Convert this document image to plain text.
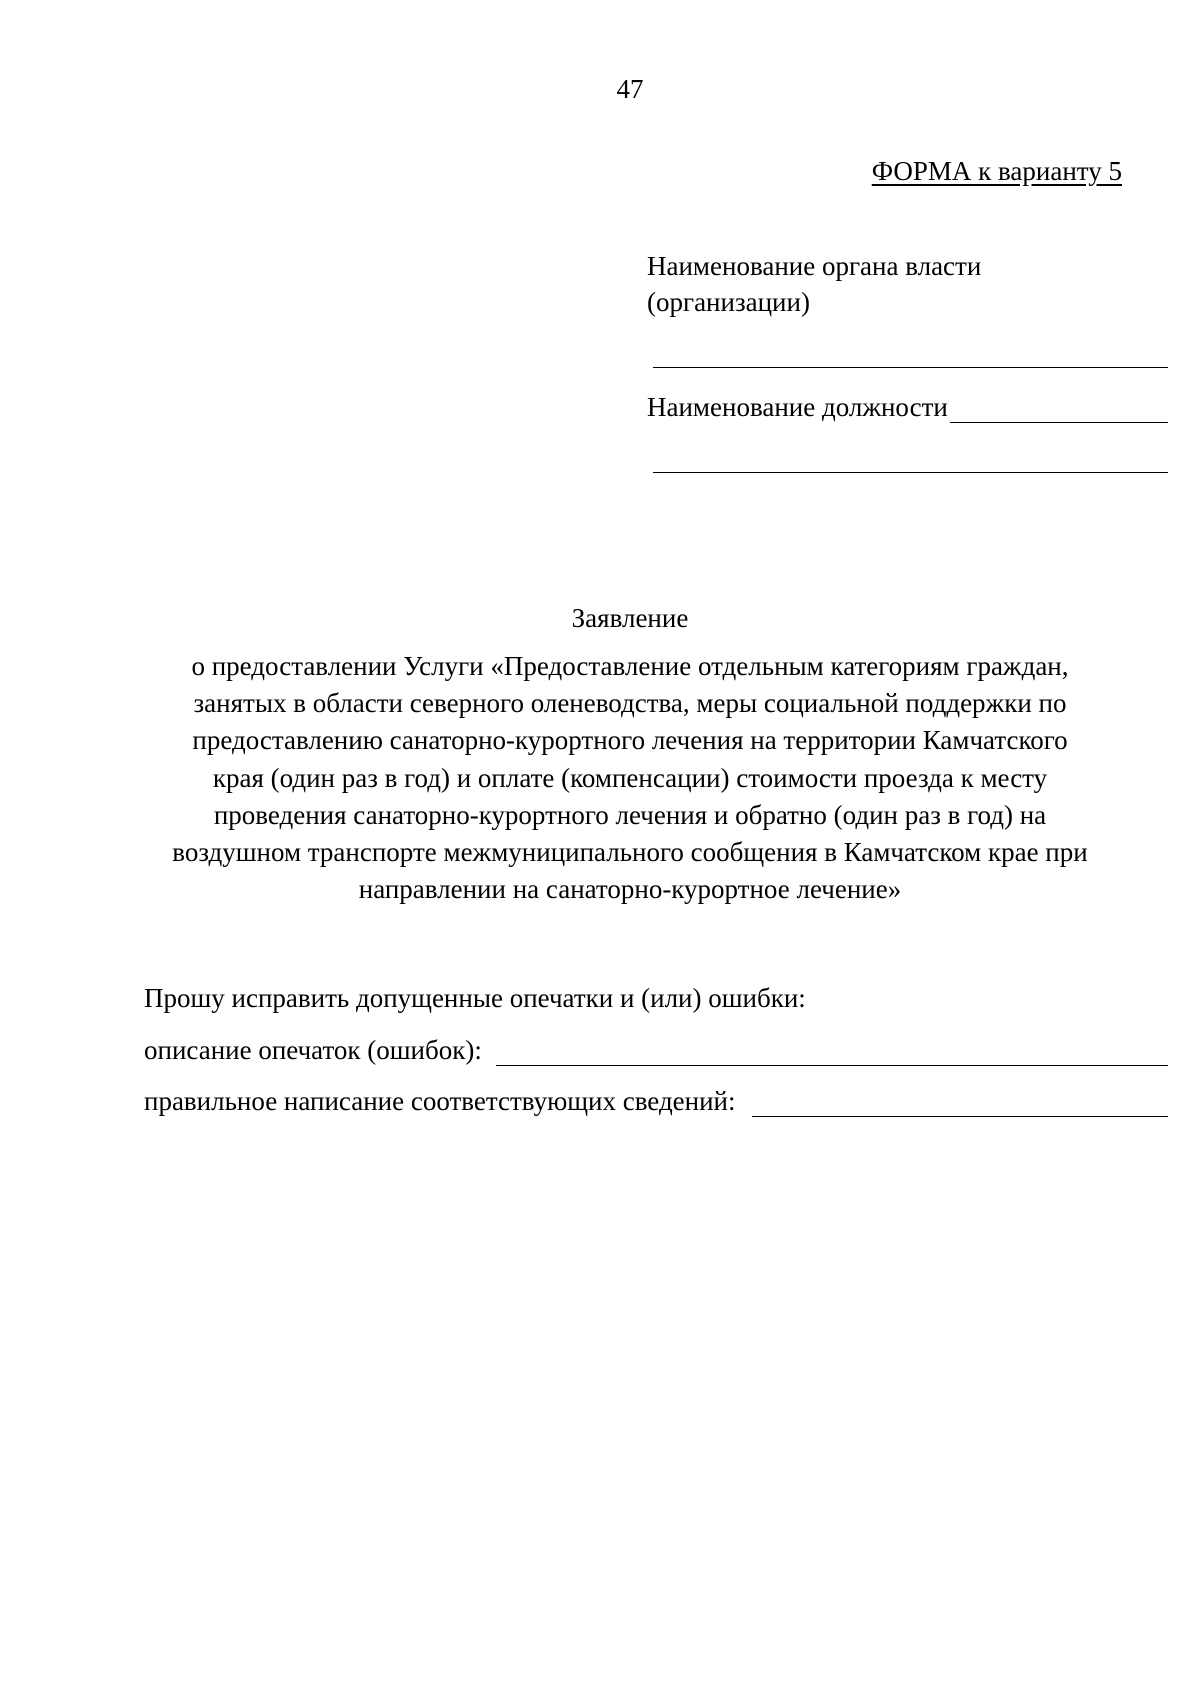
47
ФОРМА к варианту 5
Наименование органа власти
(организации)
Наименование должности
Заявление
о предоставлении Услуги «Предоставление отдельным категориям граждан,
занятых в области северного оленеводства, меры социальной поддержки по
предоставлению санаторно-курортного лечения на территории Камчатского
края (один раз в год) и оплате (компенсации) стоимости проезда к месту
проведения санаторно-курортного лечения и обратно (один раз в год) на
воздушном транспорте межмуниципального сообщения в Камчатском крае при
направлении на санаторно-курортное лечение»
Прошу исправить допущенные опечатки и (или) ошибки:
описание опечаток (ошибок):
правильное написание соответствующих сведений:
